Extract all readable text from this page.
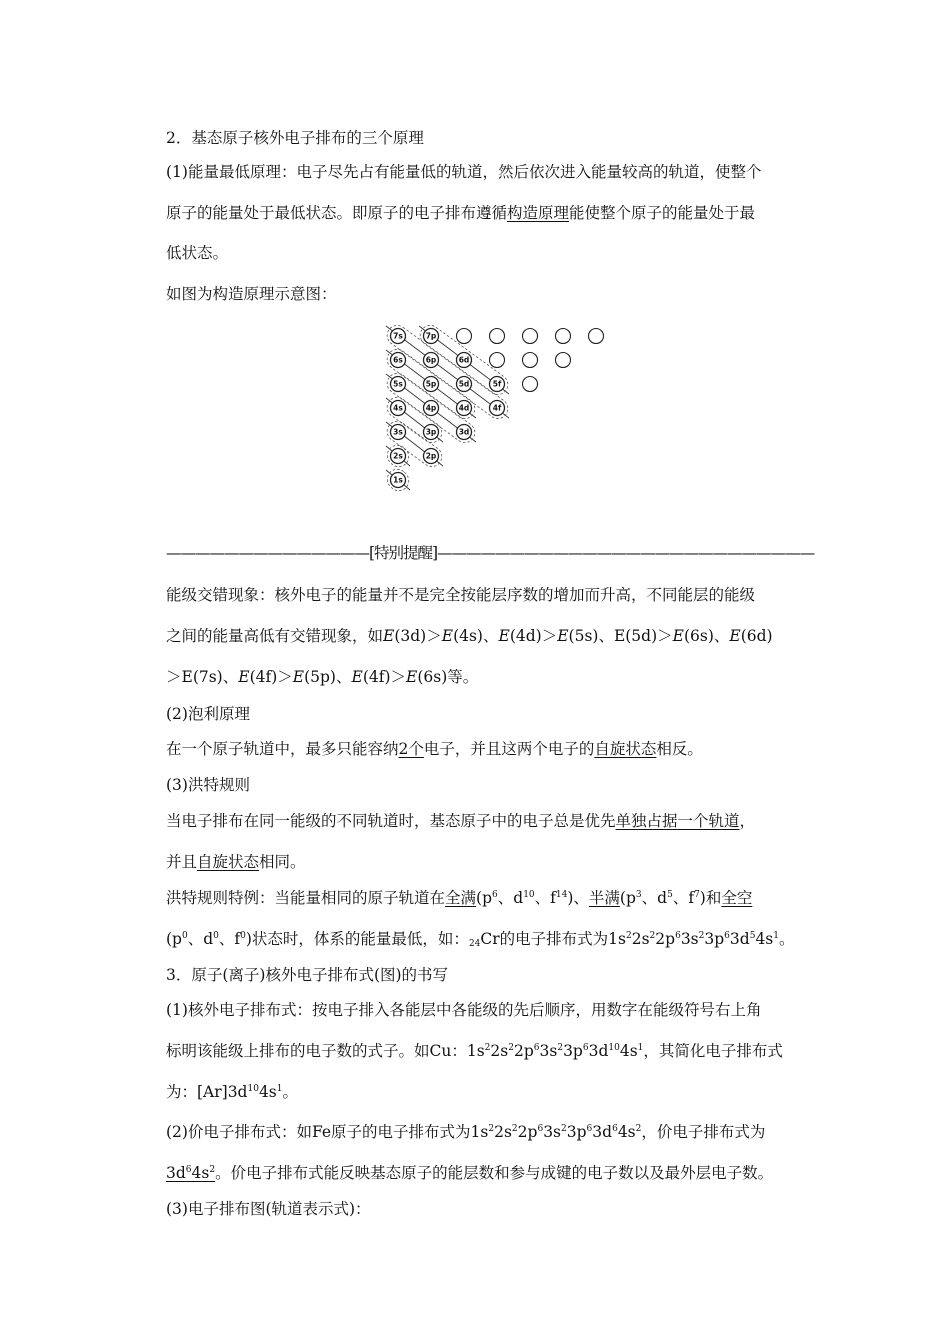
2．基态原子核外电子排布的三个原理
(1)能量最低原理：电子尽先占有能量低的轨道，然后依次进入能量较高的轨道，使整个
原子的能量处于最低状态。即原子的电子排布遵循构造原理能使整个原子的能量处于最
低状态。
如图为构造原理示意图：
7s	7p
6s	6p	6d
5s	5p	5d	5f
4s	4p	4d	4f
3s	3p	3d
2s	2p
1s
——————————————[特别提醒]——————————————————————————
能级交错现象：核外电子的能量并不是完全按能层序数的增加而升高，不同能层的能级
之间的能量高低有交错现象，如E(3d)＞E(4s)、E(4d)＞E(5s)、E(5d)＞E(6s)、E(6d)
＞E(7s)、E(4f)＞E(5p)、E(4f)＞E(6s)等。
(2)泡利原理
在一个原子轨道中，最多只能容纳2个电子，并且这两个电子的自旋状态相反。
(3)洪特规则
当电子排布在同一能级的不同轨道时，基态原子中的电子总是优先单独占据一个轨道，
并且自旋状态相同。
洪特规则特例：当能量相同的原子轨道在全满($p^6$、$d^{10}$、$f^{14}$)、半满($p^3$、$d^5$、$f^7$)和全空
($p^0$、$d^0$、$f^0$)状态时，体系的能量最低，如：$_{24}$Cr的电子排布式为$1s^22s^22p^63s^23p^63d^54s^1$。
3．原子(离子)核外电子排布式(图)的书写
(1)核外电子排布式：按电子排入各能层中各能级的先后顺序，用数字在能级符号右上角
标明该能级上排布的电子数的式子。如Cu：$1s^22s^22p^63s^23p^63d^{10}4s^1$，其简化电子排布式
为：$[Ar]3d^{10}4s^1$。
(2)价电子排布式：如Fe原子的电子排布式为$1s^22s^22p^63s^23p^63d^64s^2$，价电子排布式为
$3d^64s^2$。价电子排布式能反映基态原子的能层数和参与成键的电子数以及最外层电子数。
(3)电子排布图(轨道表示式)：
